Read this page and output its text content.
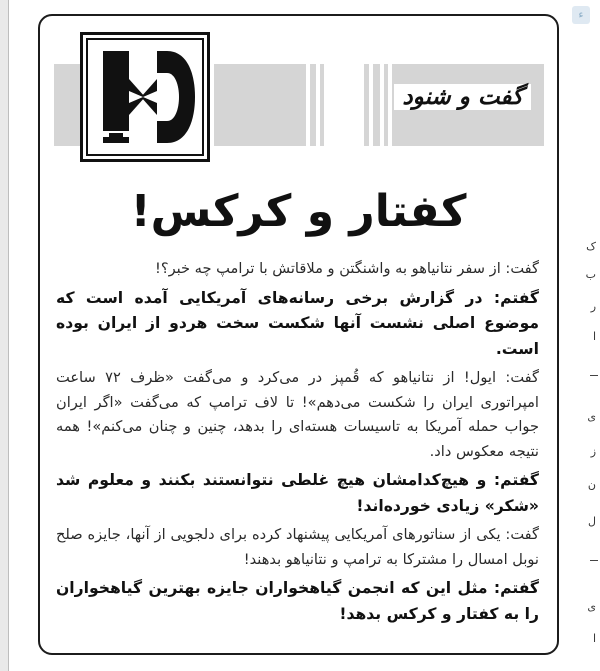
ء
ک
ب
ر
ا
ی
ز
ن
ل
ی
ا
گفت و شنود
کفتار و کرکس!

گفت: از سفر نتانیاهو به واشنگتن و ملاقاتش با ترامپ چه خبر؟!

گفتم: در گزارش برخی رسانه‌های آمریکایی آمده است که موضوع اصلی نشست آنها شکست سخت هردو از ایران بوده است.

گفت: ایول! از نتانیاهو که قُمپز در می‌کرد و می‌گفت «ظرف ۷۲ ساعت امپراتوری ایران را شکست می‌دهم»! تا لاف ترامپ که می‌گفت «اگر ایران جواب حمله آمریکا به تاسیسات هسته‌ای را بدهد، چنین و چنان می‌کنم»! همه نتیجه معکوس داد.

گفتم: و هیچ‌کدامشان هیچ غلطی نتوانستند بکنند و معلوم شد «شکر» زیادی خورده‌اند!

گفت: یکی از سناتورهای آمریکایی پیشنهاد کرده برای دلجویی از آنها، جایزه صلح نوبل امسال را مشترکا به ترامپ و نتانیاهو بدهند!

گفتم: مثل این که انجمن گیاهخواران جایزه بهترین گیاهخواران را به کفتار و کرکس بدهد!
